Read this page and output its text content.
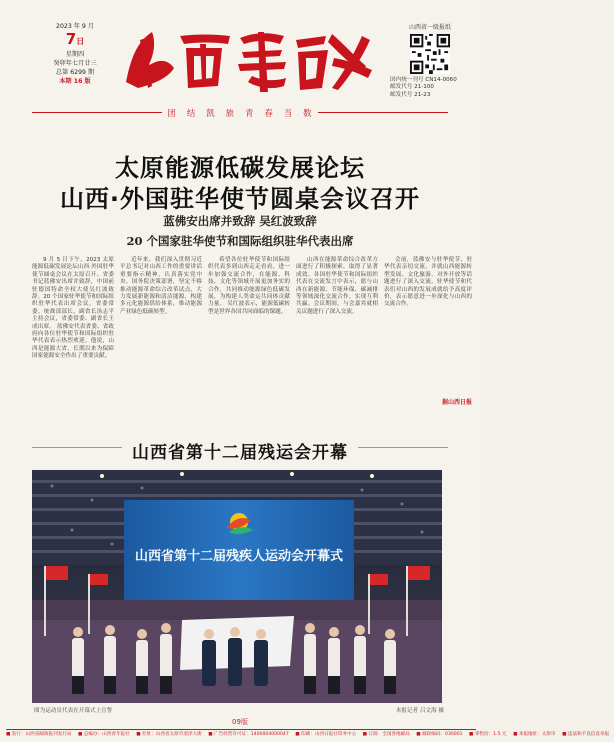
2023 年 9 月
7日
星期四
癸卯年七月廿三
总第 6299 期
本期 16 版
山西省一级报纸
国内统一刊号 CN14-0060
邮发代号 21-100
邮发代号 21-23
团 结 凯 旅 青 春 当 数
太原能源低碳发展论坛
山西·外国驻华使节圆桌会议召开
蓝佛安出席并致辞 吴红波致辞
20 个国家驻华使节和国际组织驻华代表出席

9 月 5 日下午，2023 太原能源低碳发展论坛山西·外国驻华使节圆桌会议在太原召开。省委书记蓝佛安出席并致辞，中国前驻德国特命全权大使吴红波致辞。20 个国家驻华使节和国际组织驻华代表出席会议。省委常委、统战部部长、副省长汤志平主持会议，省委常委、副省长王成出席。 蓝佛安代表省委、省政府向各位驻华使节和国际组织驻华代表表示热烈欢迎。他说，山西是能源大省，长期以来为保障国家能源安全作出了重要贡献。

近年来，我们深入贯彻习近平总书记对山西工作的重要讲话重要指示精神，认真落实党中央、国务院决策部署，坚定不移推动能源革命综合改革试点，大力发展新能源和清洁能源，构建多元化能源供给体系，推动能源产业绿色低碳转型。

希望各位驻华使节和国际组织代表多到山西走走看看，进一步加强交流合作，在能源、科技、文化等领域开展更加务实的合作，共同推动能源绿色低碳发展，为构建人类命运共同体贡献力量。 吴红波表示，能源低碳转型是世界各国共同面临的课题。

山西在能源革命综合改革方面进行了积极探索，取得了显著成效。各国驻华使节和国际组织代表在交流发言中表示，愿与山西在新能源、节能环保、碳减排等领域深化交流合作，实现互利共赢。会议期间，与会嘉宾就相关议题进行了深入交流。

会前，蓝佛安与驻华使节、驻华代表亲切交流，并就山西能源转型发展、文化旅游、对外开放等话题进行了深入交流。驻华使节和代表们对山西的发展成就给予高度评价，表示愿意进一步深化与山西的交流合作。

据山西日报
山西省第十二届残运会开幕
山西省第十二届残疾人运动会开幕式
图为运动员代表在开幕式上宣誓	本报记者 吕文海 摄
09版
■ 发行：山西省邮政报刊发行局 ■ 总编办：山西青年报社 ■ 社址：山西省太原市迎泽大街 ■ 广告经营许可证：1400004000047 ■ 印刷：山西日报社印务中心 ■ 订阅：全国各地邮局 ■ 邮政编码：030001 ■ 零售价：1.5 元 ■ 本报地址：太原市 ■ 违法和不良信息举报
